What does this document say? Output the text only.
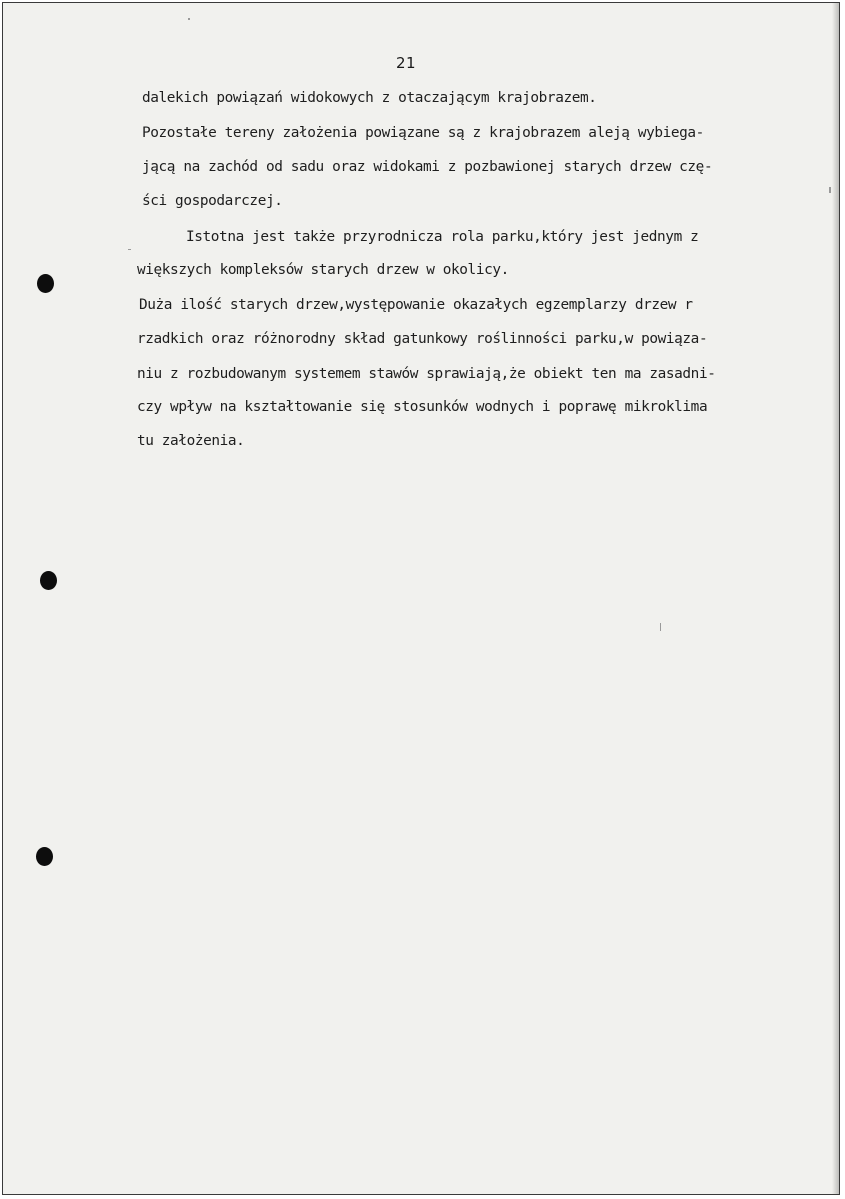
21
dalekich powiązań widokowych z otaczającym krajobrazem.
Pozostałe tereny założenia powiązane są z krajobrazem aleją wybiega-
jącą na zachód od sadu oraz widokami z pozbawionej starych drzew czę-
ści gospodarczej.
Istotna jest także przyrodnicza rola parku,który jest jednym z
większych kompleksów starych drzew w okolicy.
Duża ilość starych drzew,występowanie okazałych egzemplarzy drzew r
rzadkich oraz różnorodny skład gatunkowy roślinności parku,w powiąza-
niu z rozbudowanym systemem stawów sprawiają,że obiekt ten ma zasadni-
czy wpływ na kształtowanie się stosunków wodnych i poprawę mikroklima
tu założenia.
